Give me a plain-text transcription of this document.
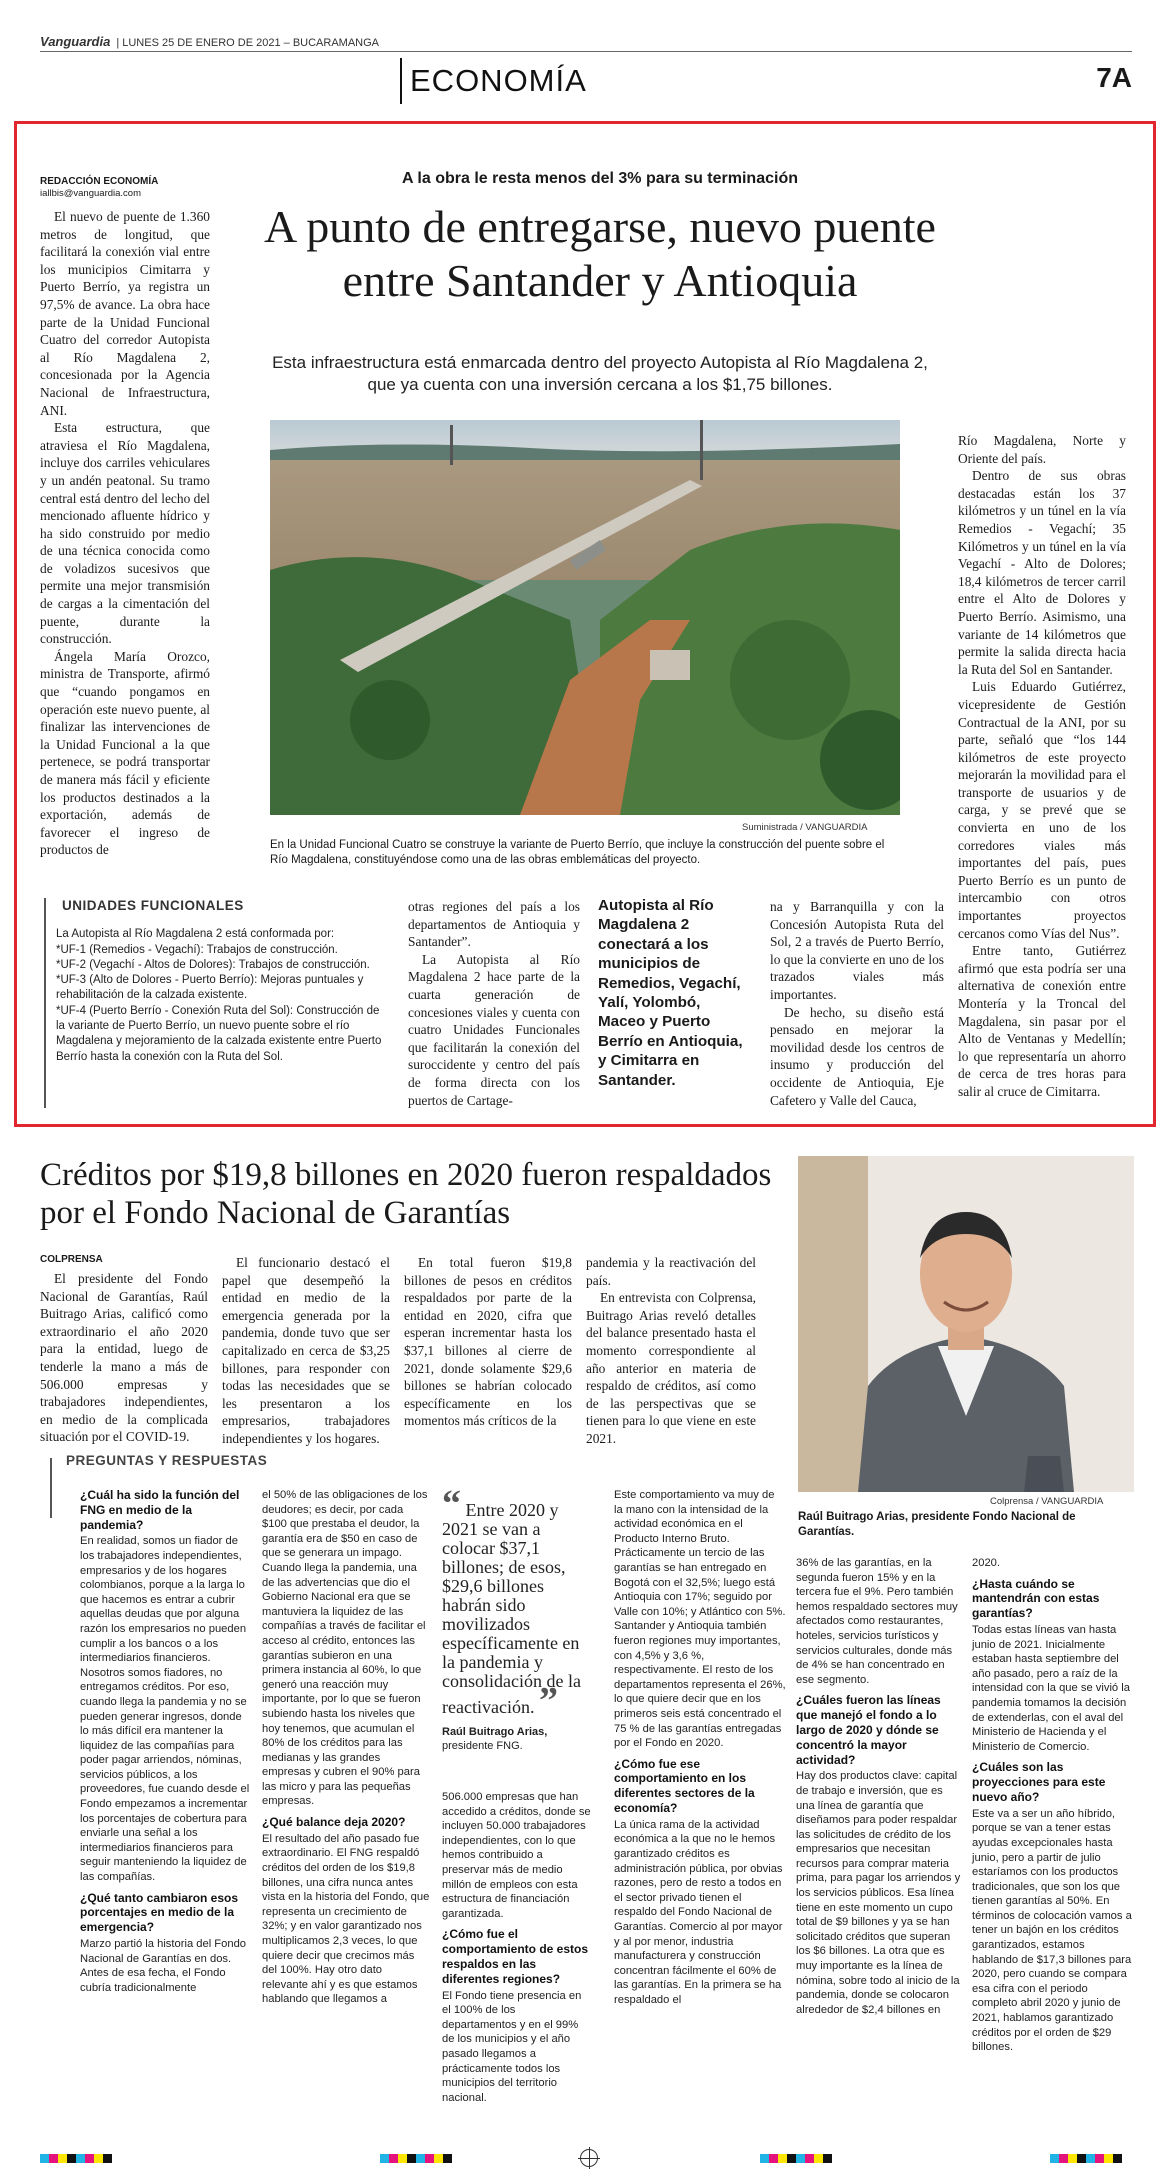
Vanguardia | LUNES 25 DE ENERO DE 2021 – BUCARAMANGA
ECONOMÍA	7A
REDACCIÓN ECONOMÍA
iallbis@vanguardia.com

El nuevo de puente de 1.360 metros de longitud, que facilitará la conexión vial entre los municipios Cimitarra y Puerto Berrío, ya registra un 97,5% de avance. La obra hace parte de la Unidad Funcional Cuatro del corredor Autopista al Río Magdalena 2, concesionada por la Agencia Nacional de Infraestructura, ANI.

Esta estructura, que atraviesa el Río Magdalena, incluye dos carriles vehiculares y un andén peatonal. Su tramo central está dentro del lecho del mencionado afluente hídrico y ha sido construido por medio de una técnica conocida como de voladizos sucesivos que permite una mejor transmisión de cargas a la cimentación del puente, durante la construcción.

Ángela María Orozco, ministra de Transporte, afirmó que “cuando pongamos en operación este nuevo puente, al finalizar las intervenciones de la Unidad Funcional a la que pertenece, se podrá transportar de manera más fácil y eficiente los productos destinados a la exportación, además de favorecer el ingreso de productos de

A la obra le resta menos del 3% para su terminación
A punto de entregarse, nuevo puente entre Santander y Antioquia
Esta infraestructura está enmarcada dentro del proyecto Autopista al Río Magdalena 2, que ya cuenta con una inversión cercana a los $1,75 billones.
Suministrada / VANGUARDIA
En la Unidad Funcional Cuatro se construye la variante de Puerto Berrío, que incluye la construcción del puente sobre el Río Magdalena, constituyéndose como una de las obras emblemáticas del proyecto.

Río Magdalena, Norte y Oriente del país.

Dentro de sus obras destacadas están los 37 kilómetros y un túnel en la vía Remedios - Vegachí; 35 Kilómetros y un túnel en la vía Vegachí - Alto de Dolores; 18,4 kilómetros de tercer carril entre el Alto de Dolores y Puerto Berrío. Asimismo, una variante de 14 kilómetros que permite la salida directa hacia la Ruta del Sol en Santander.

Luis Eduardo Gutiérrez, vicepresidente de Gestión Contractual de la ANI, por su parte, señaló que “los 144 kilómetros de este proyecto mejorarán la movilidad para el transporte de usuarios y de carga, y se prevé que se convierta en uno de los corredores viales más importantes del país, pues Puerto Berrío es un punto de intercambio con otros importantes proyectos cercanos como Vías del Nus”.

Entre tanto, Gutiérrez afirmó que esta podría ser una alternativa de conexión entre Montería y la Troncal del Magdalena, sin pasar por el Alto de Ventanas y Medellín; lo que representaría un ahorro de cerca de tres horas para salir al cruce de Cimitarra.

UNIDADES FUNCIONALES
La Autopista al Río Magdalena 2 está conformada por:
*UF-1 (Remedios - Vegachí): Trabajos de construcción.
*UF-2 (Vegachí - Altos de Dolores): Trabajos de construcción.
*UF-3 (Alto de Dolores - Puerto Berrío): Mejoras puntuales y rehabilitación de la calzada existente.
*UF-4 (Puerto Berrío - Conexión Ruta del Sol): Construcción de la variante de Puerto Berrío, un nuevo puente sobre el río Magdalena y mejoramiento de la calzada existente entre Puerto Berrío hasta la conexión con la Ruta del Sol.

otras regiones del país a los departamentos de Antioquia y Santander”.

La Autopista al Río Magdalena 2 hace parte de la cuarta generación de concesiones viales y cuenta con cuatro Unidades Funcionales que facilitarán la conexión del suroccidente y centro del país de forma directa con los puertos de Cartage-

Autopista al Río Magdalena 2 conectará a los municipios de Remedios, Vegachí, Yalí, Yolombó, Maceo y Puerto Berrío en Antioquia, y Cimitarra en Santander.

na y Barranquilla y con la Concesión Autopista Ruta del Sol, 2 a través de Puerto Berrío, lo que la convierte en uno de los trazados viales más importantes.

De hecho, su diseño está pensado en mejorar la movilidad desde los centros de insumo y producción del occidente de Antioquia, Eje Cafetero y Valle del Cauca,

Créditos por $19,8 billones en 2020 fueron respaldados por el Fondo Nacional de Garantías
COLPRENSA

El presidente del Fondo Nacional de Garantías, Raúl Buitrago Arias, calificó como extraordinario el año 2020 para la entidad, luego de tenderle la mano a más de 506.000 empresas y trabajadores independientes, en medio de la complicada situación por el COVID-19.

El funcionario destacó el papel que desempeñó la entidad en medio de la emergencia generada por la pandemia, donde tuvo que ser capitalizado en cerca de $3,25 billones, para responder con todas las necesidades que se les presentaron a los empresarios, trabajadores independientes y los hogares.

En total fueron $19,8 billones de pesos en créditos respaldados por parte de la entidad en 2020, cifra que esperan incrementar hasta los $37,1 billones al cierre de 2021, donde solamente $29,6 billones se habrían colocado específicamente en los momentos más críticos de la

pandemia y la reactivación del país.

En entrevista con Colprensa, Buitrago Arias reveló detalles del balance presentado hasta el momento correspondiente al año anterior en materia de respaldo de créditos, así como de las perspectivas que se tienen para lo que viene en este 2021.

Colprensa / VANGUARDIA
Raúl Buitrago Arias, presidente Fondo Nacional de Garantías.
PREGUNTAS Y RESPUESTAS
¿Cuál ha sido la función del FNG en medio de la pandemia?
En realidad, somos un fiador de los trabajadores independientes, empresarios y de los hogares colombianos, porque a la larga lo que hacemos es entrar a cubrir aquellas deudas que por alguna razón los empresarios no pueden cumplir a los bancos o a los intermediarios financieros. Nosotros somos fiadores, no entregamos créditos. Por eso, cuando llega la pandemia y no se pueden generar ingresos, donde lo más difícil era mantener la liquidez de las compañías para poder pagar arriendos, nóminas, servicios públicos, a los proveedores, fue cuando desde el Fondo empezamos a incrementar los porcentajes de cobertura para enviarle una señal a los intermediarios financieros para seguir manteniendo la liquidez de las compañías.
¿Qué tanto cambiaron esos porcentajes en medio de la emergencia?
Marzo partió la historia del Fondo Nacional de Garantías en dos. Antes de esa fecha, el Fondo cubría tradicionalmente
el 50% de las obligaciones de los deudores; es decir, por cada $100 que prestaba el deudor, la garantía era de $50 en caso de que se generara un impago. Cuando llega la pandemia, una de las advertencias que dio el Gobierno Nacional era que se mantuviera la liquidez de las compañías a través de facilitar el acceso al crédito, entonces las garantías subieron en una primera instancia al 60%, lo que generó una reacción muy importante, por lo que se fueron subiendo hasta los niveles que hoy tenemos, que acumulan el 80% de los créditos para las medianas y las grandes empresas y cubren el 90% para las micro y para las pequeñas empresas.
¿Qué balance deja 2020?
El resultado del año pasado fue extraordinario. El FNG respaldó créditos del orden de los $19,8 billones, una cifra nunca antes vista en la historia del Fondo, que representa un crecimiento de 32%; y en valor garantizado nos multiplicamos 2,3 veces, lo que quiere decir que crecimos más del 100%. Hay otro dato relevante ahí y es que estamos hablando que llegamos a
“ Entre 2020 y 2021 se van a colocar $37,1 billones; de esos, $29,6 billones habrán sido movilizados específicamente en la pandemia y consolidación de la reactivación. ”
Raúl Buitrago Arias,
presidente FNG.
506.000 empresas que han accedido a créditos, donde se incluyen 50.000 trabajadores independientes, con lo que hemos contribuido a preservar más de medio millón de empleos con esta estructura de financiación garantizada.
¿Cómo fue el comportamiento de estos respaldos en las diferentes regiones?
El Fondo tiene presencia en el 100% de los departamentos y en el 99% de los municipios y el año pasado llegamos a prácticamente todos los municipios del territorio nacional.
Este comportamiento va muy de la mano con la intensidad de la actividad económica en el Producto Interno Bruto. Prácticamente un tercio de las garantías se han entregado en Bogotá con el 32,5%; luego está Antioquia con 17%; seguido por Valle con 10%; y Atlántico con 5%. Santander y Antioquia también fueron regiones muy importantes, con 4,5% y 3,6 %, respectivamente. El resto de los departamentos representa el 26%, lo que quiere decir que en los primeros seis está concentrado el 75 % de las garantías entregadas por el Fondo en 2020.
¿Cómo fue ese comportamiento en los diferentes sectores de la economía?
La única rama de la actividad económica a la que no le hemos garantizado créditos es administración pública, por obvias razones, pero de resto a todos en el sector privado tienen el respaldo del Fondo Nacional de Garantías. Comercio al por mayor y al por menor, industria manufacturera y construcción concentran fácilmente el 60% de las garantías. En la primera se ha respaldado el
36% de las garantías, en la segunda fueron 15% y en la tercera fue el 9%. Pero también hemos respaldado sectores muy afectados como restaurantes, hoteles, servicios turísticos y servicios culturales, donde más de 4% se han concentrado en ese segmento.
¿Cuáles fueron las líneas que manejó el fondo a lo largo de 2020 y dónde se concentró la mayor actividad?
Hay dos productos clave: capital de trabajo e inversión, que es una línea de garantía que diseñamos para poder respaldar las solicitudes de crédito de los empresarios que necesitan recursos para comprar materia prima, para pagar los arriendos y los servicios públicos. Esa línea tiene en este momento un cupo total de $9 billones y ya se han solicitado créditos que superan los $6 billones. La otra que es muy importante es la línea de nómina, sobre todo al inicio de la pandemia, donde se colocaron alrededor de $2,4 billones en
2020.
¿Hasta cuándo se mantendrán con estas garantías?
Todas estas líneas van hasta junio de 2021. Inicialmente estaban hasta septiembre del año pasado, pero a raíz de la intensidad con la que se vivió la pandemia tomamos la decisión de extenderlas, con el aval del Ministerio de Hacienda y el Ministerio de Comercio.
¿Cuáles son las proyecciones para este nuevo año?
Este va a ser un año híbrido, porque se van a tener estas ayudas excepcionales hasta junio, pero a partir de julio estaríamos con los productos tradicionales, que son los que tienen garantías al 50%. En términos de colocación vamos a tener un bajón en los créditos garantizados, estamos hablando de $17,3 billones para 2020, pero cuando se compara esa cifra con el periodo completo abril 2020 y junio de 2021, hablamos garantizado créditos por el orden de $29 billones.
